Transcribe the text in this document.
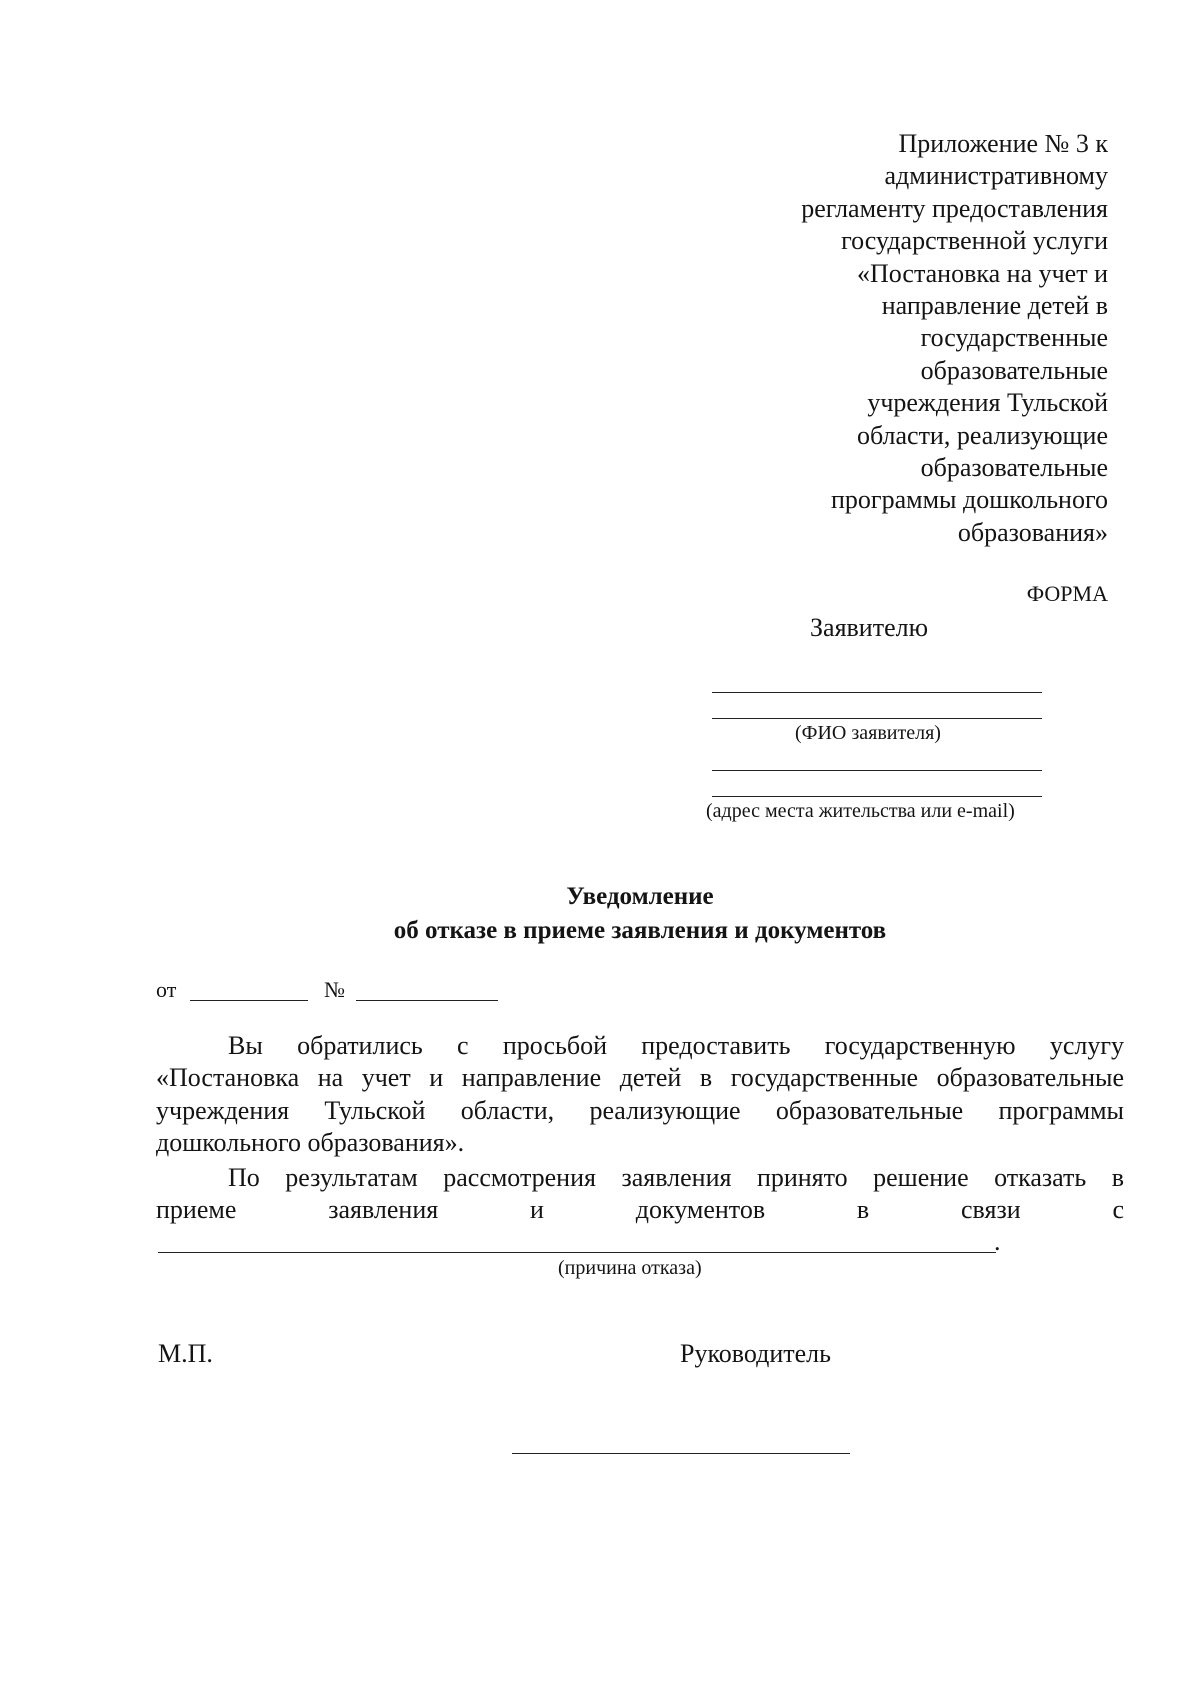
Приложение № 3 к
административному
регламенту предоставления
государственной услуги
«Постановка на учет и
направление детей в
государственные
образовательные
учреждения Тульской
области, реализующие
образовательные
программы дошкольного
образования»
ФОРМА
Заявителю
(ФИО заявителя)
(адрес места жительства или e-mail)
Уведомление
об отказе в приеме заявления и документов
от	№
Вы обратились с просьбой предоставить государственную услугу
«Постановка на учет и направление детей в государственные образовательные
учреждения Тульской области, реализующие образовательные программы
дошкольного образования».
По результатам рассмотрения заявления принято решение отказать в
приеме	заявления	и	документов	в	связи	с
.
(причина отказа)
М.П.	Руководитель
